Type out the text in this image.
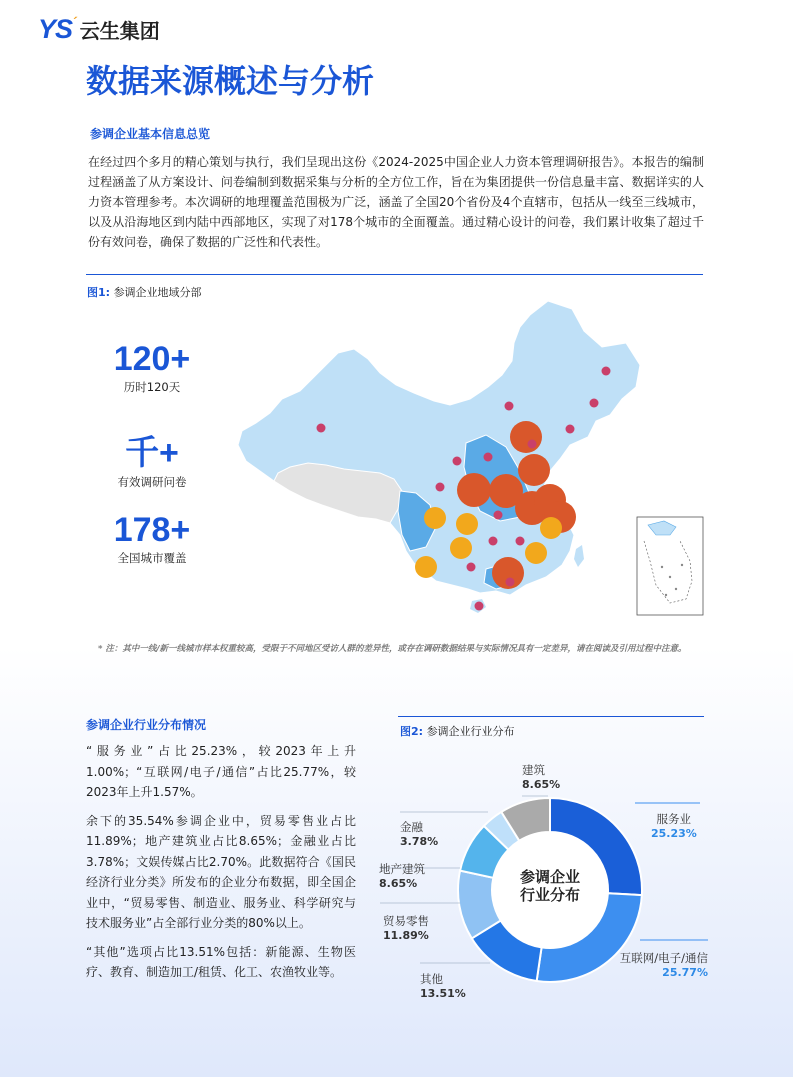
YS´ 云生集团
数据来源概述与分析
参调企业基本信息总览
在经过四个多月的精心策划与执行，我们呈现出这份《2024-2025中国企业人力资本管理调研报告》。本报告的编制过程涵盖了从方案设计、问卷编制到数据采集与分析的全方位工作，旨在为集团提供一份信息量丰富、数据详实的人力资本管理参考。本次调研的地理覆盖范围极为广泛，涵盖了全国20个省份及4个直辖市，包括从一线至三线城市，以及从沿海地区到内陆中西部地区，实现了对178个城市的全面覆盖。通过精心设计的问卷，我们累计收集了超过千份有效问卷，确保了数据的广泛性和代表性。
图1: 参调企业地域分部
120+
历时120天
千+
有效调研问卷
178+
全国城市覆盖
* 注：其中一线/新一线城市样本权重较高，受限于不同地区受访人群的差异性，或存在调研数据结果与实际情况具有一定差异，请在阅读及引用过程中注意。
参调企业行业分布情况

“服务业”占比25.23%，较2023年上升1.00%；“互联网/电子/通信”占比25.77%，较2023年上升1.57%。

余下的35.54%参调企业中，贸易零售业占比11.89%；地产建筑业占比8.65%；金融业占比3.78%；文娱传媒占比2.70%。此数据符合《国民经济行业分类》所发布的企业分布数据，即全国企业中，“贸易零售、制造业、服务业、科学研究与技术服务业”占全部行业分类的80%以上。

“其他”选项占比13.51%包括：新能源、生物医疗、教育、制造加工/租赁、化工、农渔牧业等。

图2: 参调企业行业分布
参调企业
行业分布
服务业
25.23%
互联网/电子/通信
25.77%
其他
13.51%
贸易零售
11.89%
地产建筑
8.65%
金融
3.78%
建筑
8.65%
